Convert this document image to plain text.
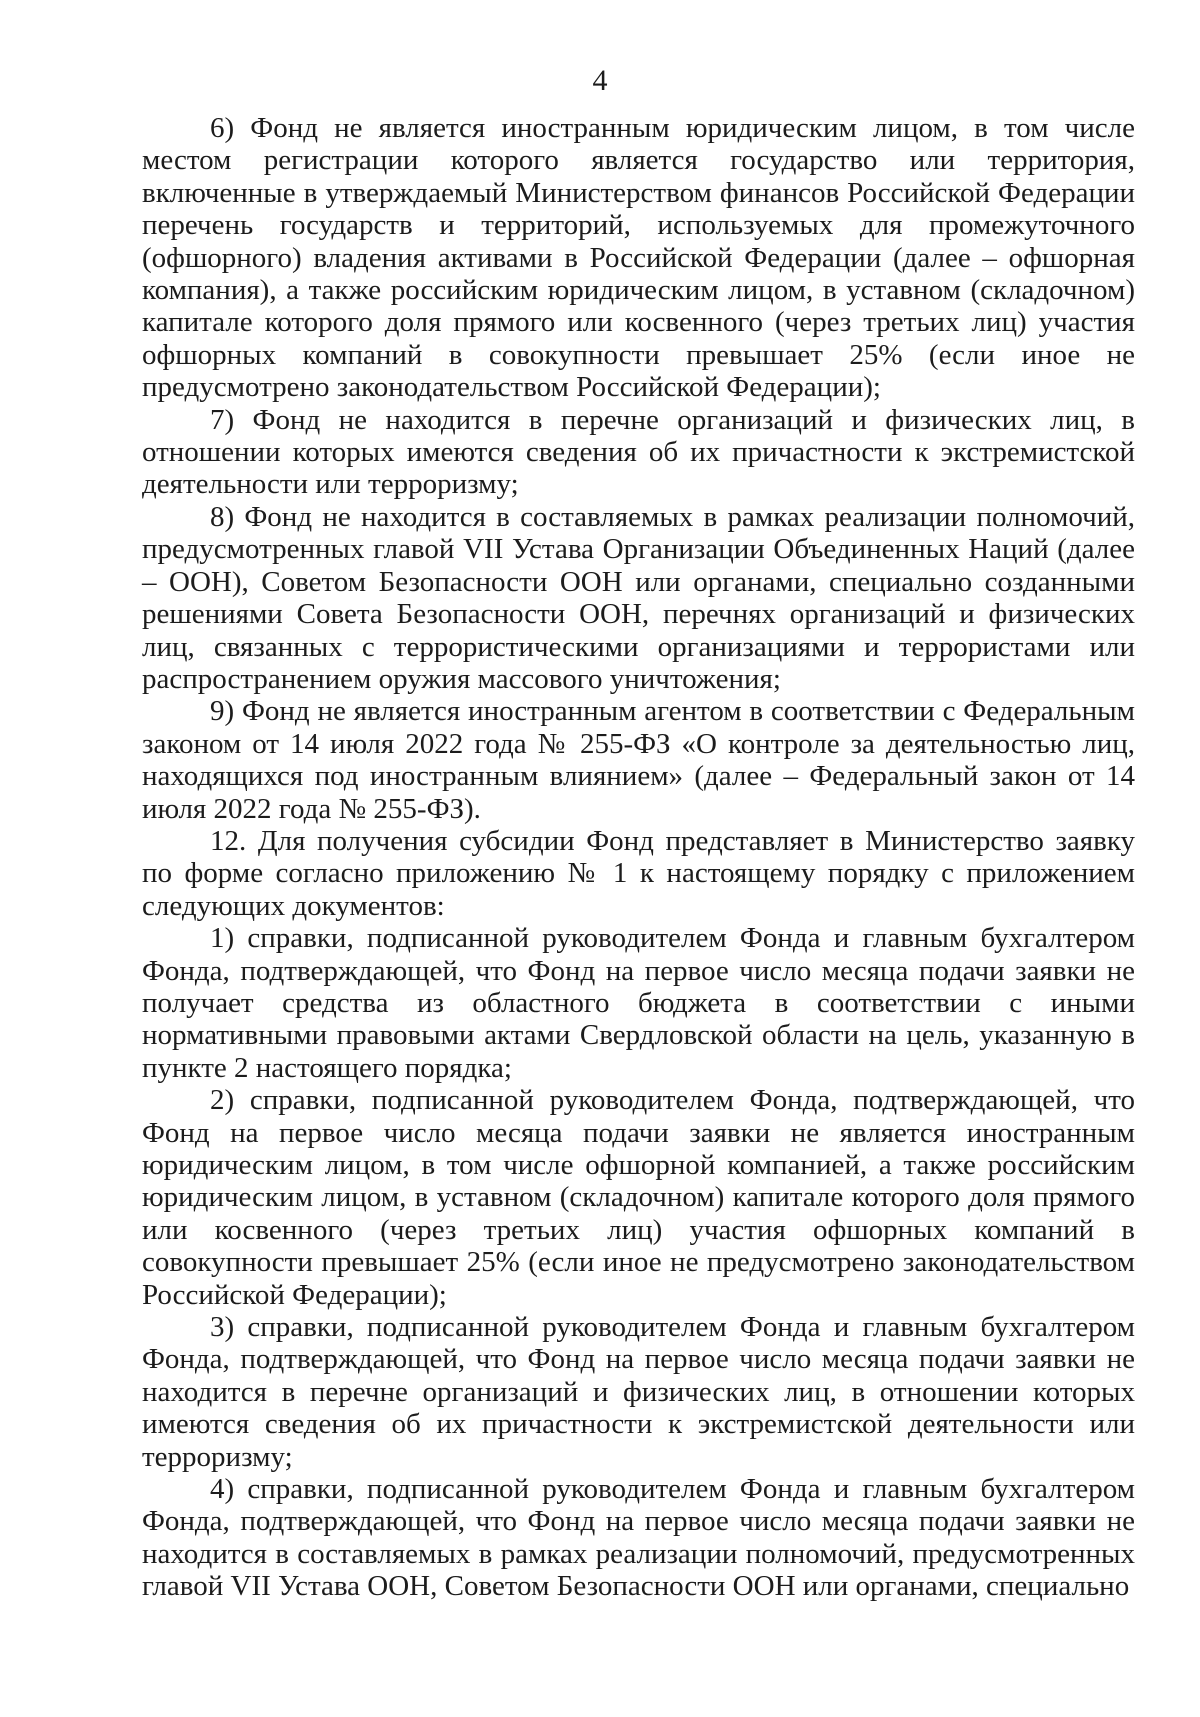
4

6) Фонд не является иностранным юридическим лицом, в том числе местом регистрации которого является государство или территория, включенные в утверждаемый Министерством финансов Российской Федерации перечень государств и территорий, используемых для промежуточного (офшорного) владения активами в Российской Федерации (далее – офшорная компания), а также российским юридическим лицом, в уставном (складочном) капитале которого доля прямого или косвенного (через третьих лиц) участия офшорных компаний в совокупности превышает 25% (если иное не предусмотрено законодательством Российской Федерации);

7) Фонд не находится в перечне организаций и физических лиц, в отношении которых имеются сведения об их причастности к экстремистской деятельности или терроризму;

8) Фонд не находится в составляемых в рамках реализации полномочий, предусмотренных главой VII Устава Организации Объединенных Наций (далее – ООН), Советом Безопасности ООН или органами, специально созданными решениями Совета Безопасности ООН, перечнях организаций и физических лиц, связанных с террористическими организациями и террористами или распространением оружия массового уничтожения;

9) Фонд не является иностранным агентом в соответствии с Федеральным законом от 14 июля 2022 года № 255-ФЗ «О контроле за деятельностью лиц, находящихся под иностранным влиянием» (далее – Федеральный закон от 14 июля 2022 года № 255-ФЗ).

12. Для получения субсидии Фонд представляет в Министерство заявку по форме согласно приложению № 1 к настоящему порядку с приложением следующих документов:

1) справки, подписанной руководителем Фонда и главным бухгалтером Фонда, подтверждающей, что Фонд на первое число месяца подачи заявки не получает средства из областного бюджета в соответствии с иными нормативными правовыми актами Свердловской области на цель, указанную в пункте 2 настоящего порядка;

2) справки, подписанной руководителем Фонда, подтверждающей, что Фонд на первое число месяца подачи заявки не является иностранным юридическим лицом, в том числе офшорной компанией, а также российским юридическим лицом, в уставном (складочном) капитале которого доля прямого или косвенного (через третьих лиц) участия офшорных компаний в совокупности превышает 25% (если иное не предусмотрено законодательством Российской Федерации);

3) справки, подписанной руководителем Фонда и главным бухгалтером Фонда, подтверждающей, что Фонд на первое число месяца подачи заявки не находится в перечне организаций и физических лиц, в отношении которых имеются сведения об их причастности к экстремистской деятельности или терроризму;

4) справки, подписанной руководителем Фонда и главным бухгалтером Фонда, подтверждающей, что Фонд на первое число месяца подачи заявки не находится в составляемых в рамках реализации полномочий, предусмотренных главой VII Устава ООН, Советом Безопасности ООН или органами, специально
